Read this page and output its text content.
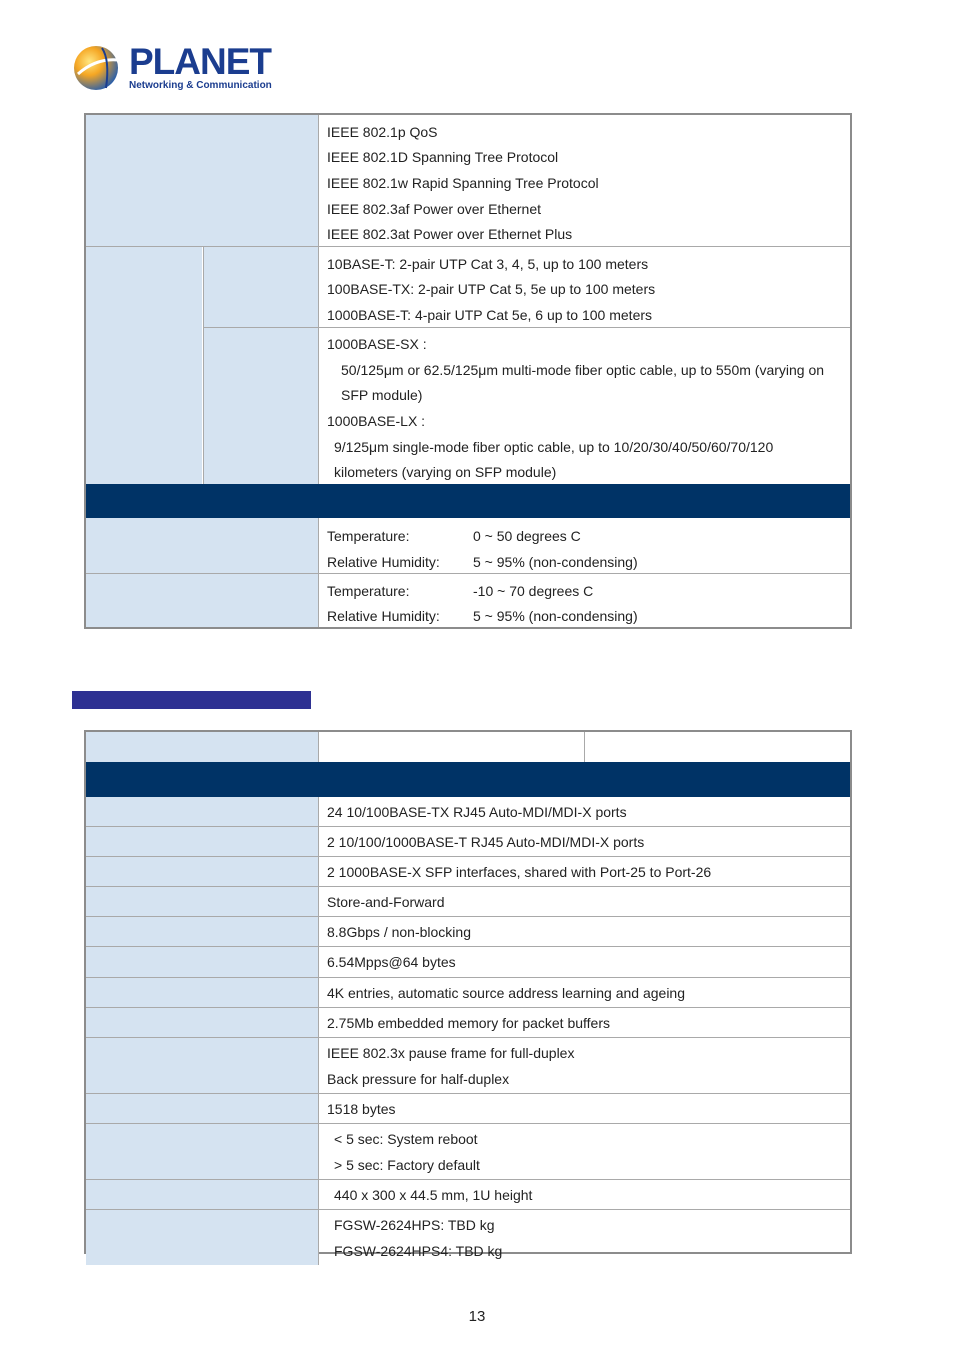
PLANET
Networking & Communication
IEEE 802.1p QoS
IEEE 802.1D Spanning Tree Protocol
IEEE 802.1w Rapid Spanning Tree Protocol
IEEE 802.3af Power over Ethernet
IEEE 802.3at Power over Ethernet Plus
10BASE-T: 2-pair UTP Cat 3, 4, 5, up to 100 meters
100BASE-TX: 2-pair UTP Cat 5, 5e up to 100 meters
1000BASE-T: 4-pair UTP Cat 5e, 6 up to 100 meters
1000BASE-SX :
50/125μm or 62.5/125μm multi-mode fiber optic cable, up to 550m (varying on
SFP module)
1000BASE-LX :
9/125μm single-mode fiber optic cable, up to 10/20/30/40/50/60/70/120
kilometers (varying on SFP module)
Temperature:	0 ~ 50 degrees C
Relative Humidity: 5 ~ 95% (non-condensing)
Temperature:	-10 ~ 70 degrees C
Relative Humidity: 5 ~ 95% (non-condensing)
24 10/100BASE-TX RJ45 Auto-MDI/MDI-X ports
2 10/100/1000BASE-T RJ45 Auto-MDI/MDI-X ports
2 1000BASE-X SFP interfaces, shared with Port-25 to Port-26
Store-and-Forward
8.8Gbps / non-blocking
6.54Mpps@64 bytes
4K entries, automatic source address learning and ageing
2.75Mb embedded memory for packet buffers
IEEE 802.3x pause frame for full-duplex
Back pressure for half-duplex
1518 bytes
< 5 sec: System reboot
> 5 sec: Factory default
440 x 300 x 44.5 mm, 1U height
FGSW-2624HPS: TBD kg
FGSW-2624HPS4: TBD kg
13
